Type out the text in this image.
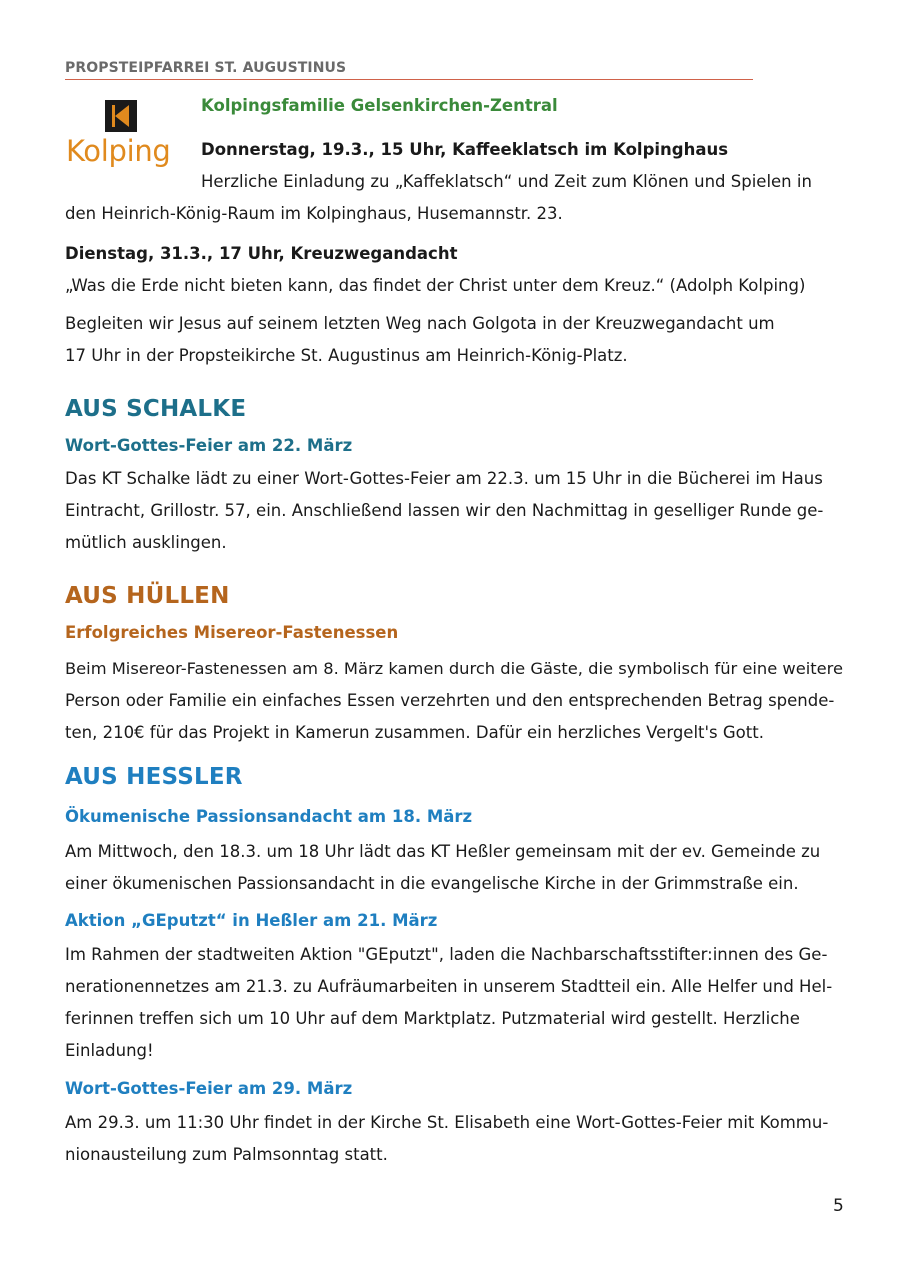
PROPSTEIPFARREI ST. AUGUSTINUS
Kolping
Kolpingsfamilie Gelsenkirchen-Zentral
Donnerstag, 19.3., 15 Uhr, Kaffeeklatsch im Kolpinghaus
Herzliche Einladung zu „Kaffeklatsch“ und Zeit zum Klönen und Spielen in
den Heinrich-König-Raum im Kolpinghaus, Husemannstr. 23.
Dienstag, 31.3., 17 Uhr, Kreuzwegandacht
„Was die Erde nicht bieten kann, das findet der Christ unter dem Kreuz.“ (Adolph Kolping)
Begleiten wir Jesus auf seinem letzten Weg nach Golgota in der Kreuzwegandacht um
17 Uhr in der Propsteikirche St. Augustinus am Heinrich-König-Platz.
AUS SCHALKE
Wort-Gottes-Feier am 22. März
Das KT Schalke lädt zu einer Wort-Gottes-Feier am 22.3. um 15 Uhr in die Bücherei im Haus
Eintracht, Grillostr. 57, ein. Anschließend lassen wir den Nachmittag in geselliger Runde ge-
mütlich ausklingen.
AUS HÜLLEN
Erfolgreiches Misereor-Fastenessen
Beim Misereor-Fastenessen am 8. März kamen durch die Gäste, die symbolisch für eine weitere
Person oder Familie ein einfaches Essen verzehrten und den entsprechenden Betrag spende-
ten, 210€ für das Projekt in Kamerun zusammen. Dafür ein herzliches Vergelt's Gott.
AUS HESSLER
Ökumenische Passionsandacht am 18. März
Am Mittwoch, den 18.3. um 18 Uhr lädt das KT Heßler gemeinsam mit der ev. Gemeinde zu
einer ökumenischen Passionsandacht in die evangelische Kirche in der Grimmstraße ein.
Aktion „GEputzt“ in Heßler am 21. März
Im Rahmen der stadtweiten Aktion "GEputzt", laden die Nachbarschaftsstifter:innen des Ge-
nerationennetzes am 21.3. zu Aufräumarbeiten in unserem Stadtteil ein. Alle Helfer und Hel-
ferinnen treffen sich um 10 Uhr auf dem Marktplatz. Putzmaterial wird gestellt. Herzliche
Einladung!
Wort-Gottes-Feier am 29. März
Am 29.3. um 11:30 Uhr findet in der Kirche St. Elisabeth eine Wort-Gottes-Feier mit Kommu-
nionausteilung zum Palmsonntag statt.
5
